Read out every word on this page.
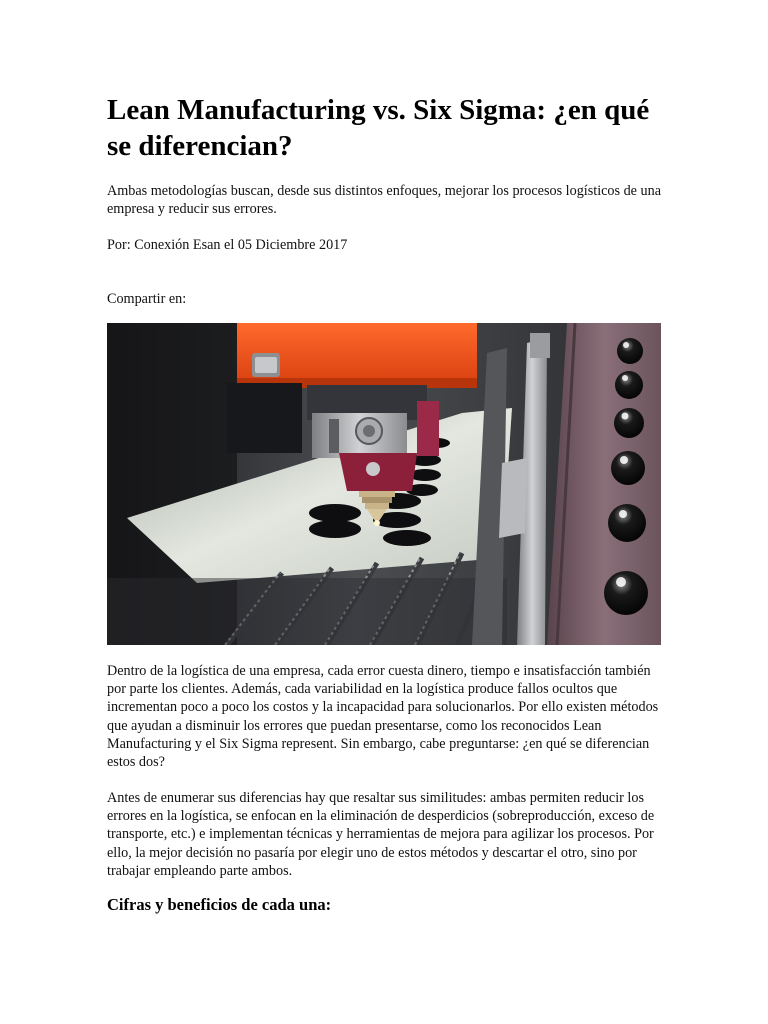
Lean Manufacturing vs. Six Sigma: ¿en qué se diferencian?

Ambas metodologías buscan, desde sus distintos enfoques, mejorar los procesos logísticos de una empresa y reducir sus errores.

Por: Conexión Esan el 05 Diciembre 2017

Compartir en:

Dentro de la logística de una empresa, cada error cuesta dinero, tiempo e insatisfacción también por parte los clientes. Además, cada variabilidad en la logística produce fallos ocultos que incrementan poco a poco los costos y la incapacidad para solucionarlos. Por ello existen métodos que ayudan a disminuir los errores que puedan presentarse, como los reconocidos Lean Manufacturing y el Six Sigma represent. Sin embargo, cabe preguntarse: ¿en qué se diferencian estos dos?

Antes de enumerar sus diferencias hay que resaltar sus similitudes: ambas permiten reducir los errores en la logística, se enfocan en la eliminación de desperdicios (sobreproducción, exceso de transporte, etc.) e implementan técnicas y herramientas de mejora para agilizar los procesos. Por ello, la mejor decisión no pasaría por elegir uno de estos métodos y descartar el otro, sino por trabajar empleando parte ambos.

Cifras y beneficios de cada una:
